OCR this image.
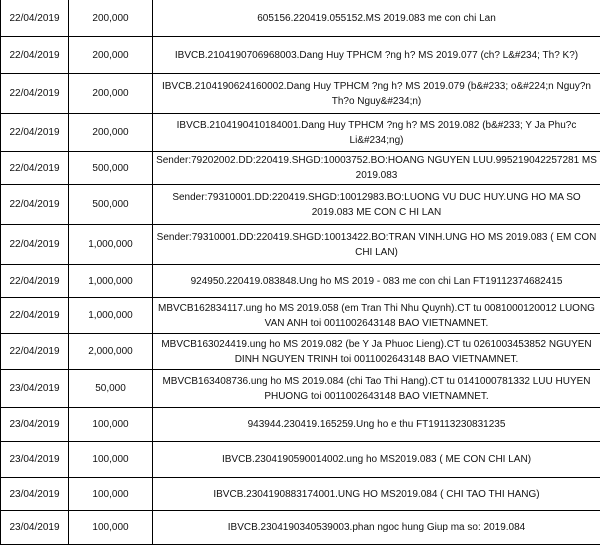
22/04/2019	200,000	605156.220419.055152.MS 2019.083 me con chi Lan
22/04/2019	200,000	IBVCB.2104190706968003.Dang Huy TPHCM ?ng h? MS 2019.077 (ch? L&#234; Th? K?)
22/04/2019	200,000	IBVCB.2104190624160002.Dang Huy TPHCM ?ng h? MS 2019.079 (b&#233; o&#224;n Nguy?n Th?o Nguy&#234;n)
22/04/2019	200,000	IBVCB.2104190410184001.Dang Huy TPHCM ?ng h? MS 2019.082 (b&#233; Y Ja Phu?c Li&#234;ng)
22/04/2019	500,000	Sender:79202002.DD:220419.SHGD:10003752.BO:HOANG NGUYEN LUU.995219042257281 MS 2019.083
22/04/2019	500,000	Sender:79310001.DD:220419.SHGD:10012983.BO:LUONG VU DUC HUY.UNG HO MA SO 2019.083 ME CON C HI LAN
22/04/2019	1,000,000	Sender:79310001.DD:220419.SHGD:10013422.BO:TRAN VINH.UNG HO MS 2019.083 ( EM CON CHI LAN)
22/04/2019	1,000,000	924950.220419.083848.Ung ho MS 2019 - 083 me con chi Lan FT19112374682415
22/04/2019	1,000,000	MBVCB162834117.ung ho MS 2019.058 (em Tran Thi Nhu Quynh).CT tu 0081000120012 LUONG VAN ANH toi 0011002643148 BAO VIETNAMNET.
22/04/2019	2,000,000	MBVCB163024419.ung ho MS 2019.082 (be Y Ja Phuoc Lieng).CT tu 0261003453852 NGUYEN DINH NGUYEN TRINH toi 0011002643148 BAO VIETNAMNET.
23/04/2019	50,000	MBVCB163408736.ung ho MS 2019.084 (chi Tao Thi Hang).CT tu 0141000781332 LUU HUYEN PHUONG toi 0011002643148 BAO VIETNAMNET.
23/04/2019	100,000	943944.230419.165259.Ung ho e thu FT19113230831235
23/04/2019	100,000	IBVCB.2304190590014002.ung ho MS2019.083 ( ME CON CHI LAN)
23/04/2019	100,000	IBVCB.2304190883174001.UNG HO MS2019.084 ( CHI TAO THI HANG)
23/04/2019	100,000	IBVCB.2304190340539003.phan ngoc hung Giup ma so: 2019.084
